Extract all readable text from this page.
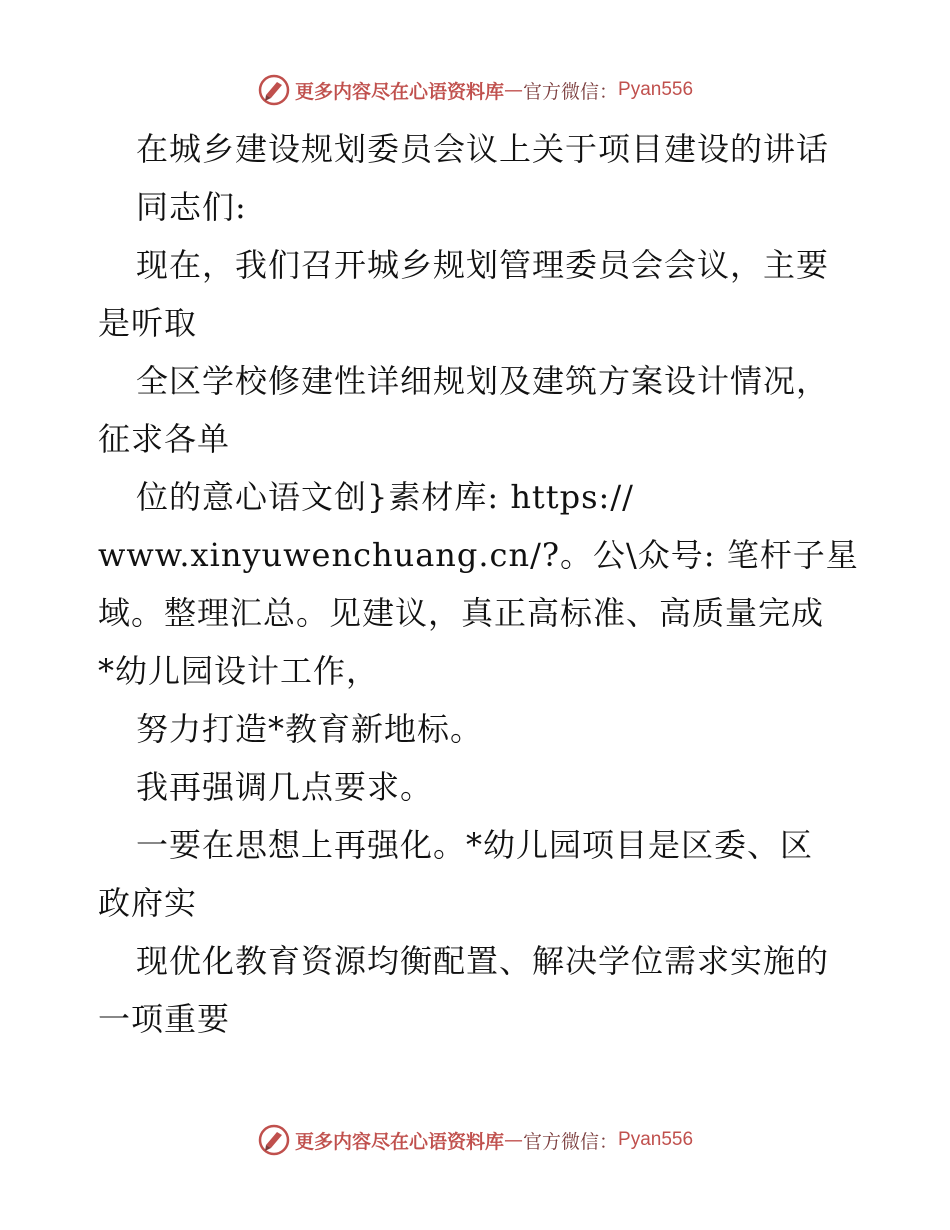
更多内容尽在心语资料库 — 官方微信 ： Pyan556
在城乡建设规划委员会议上关于项目建设的讲话
同志们:
现在，我们召开城乡规划管理委员会会议，主要
是听取
全区学校修建性详细规划及建筑方案设计情况，
征求各单
位的意心语文创}素材库: https://
www.xinyuwenchuang.cn/?。公\众号: 笔杆子星
域。整理汇总。见建议，真正高标准、高质量完成
*幼儿园设计工作，
努力打造*教育新地标。
我再强调几点要求。
一要在思想上再强化。*幼儿园项目是区委、区
政府实
现优化教育资源均衡配置、解决学位需求实施的
一项重要
更多内容尽在心语资料库 — 官方微信 ： Pyan556
